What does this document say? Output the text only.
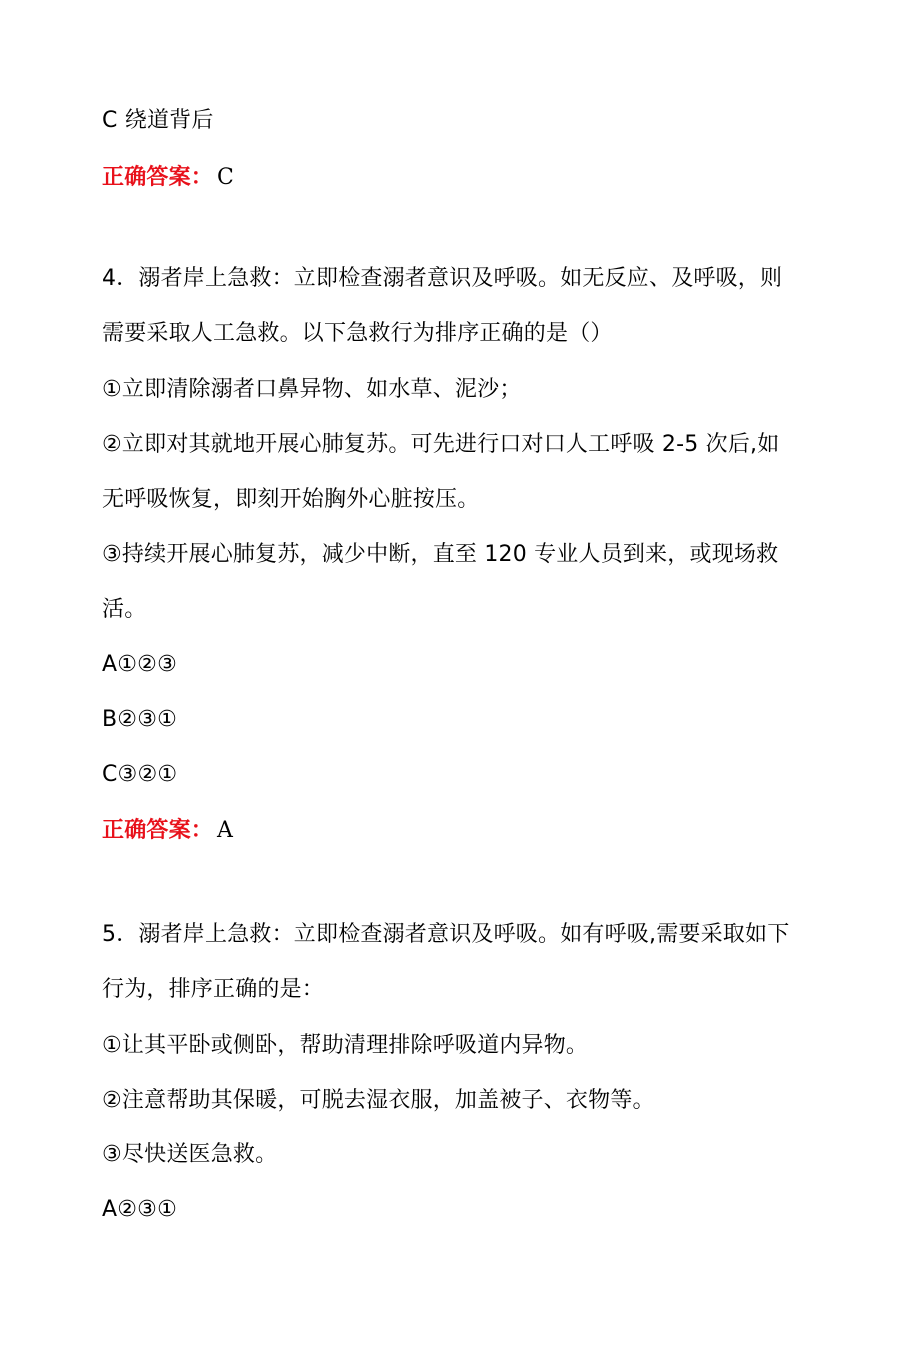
C 绕道背后
正确答案： C
4．溺者岸上急救：立即检查溺者意识及呼吸。如无反应、及呼吸，则
需要采取人工急救。以下急救行为排序正确的是（）
①立即清除溺者口鼻异物、如水草、泥沙；
②立即对其就地开展心肺复苏。可先进行口对口人工呼吸 2-5 次后,如
无呼吸恢复，即刻开始胸外心脏按压。
③持续开展心肺复苏，减少中断，直至 120 专业人员到来，或现场救
活。
A①②③
B②③①
C③②①
正确答案： A
5．溺者岸上急救：立即检查溺者意识及呼吸。如有呼吸,需要采取如下
行为，排序正确的是：
①让其平卧或侧卧，帮助清理排除呼吸道内异物。
②注意帮助其保暖，可脱去湿衣服，加盖被子、衣物等。
③尽快送医急救。
A②③①
